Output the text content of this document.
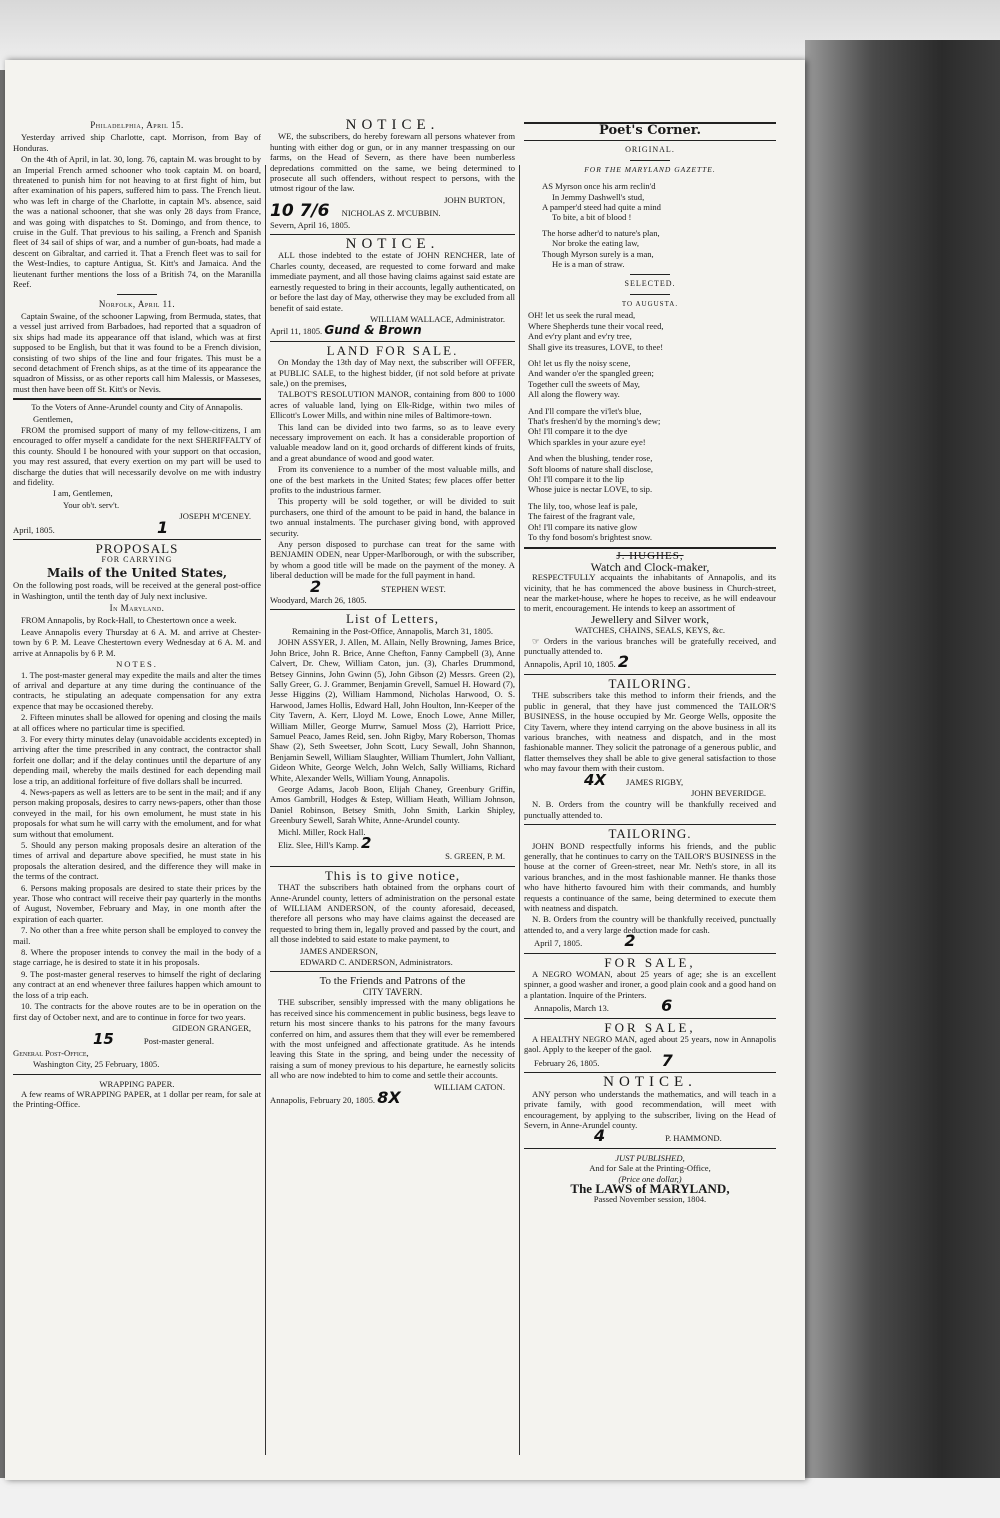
Philadelphia, April 15.

Yesterday arrived ship Charlotte, capt. Morrison, from Bay of Honduras.

On the 4th of April, in lat. 30, long. 76, captain M. was brought to by an Imperial French armed schooner who took captain M. on board, threatened to punish him for not heaving to at first fight of him, but after examination of his papers, suffered him to pass. The French lieut. who was left in charge of the Charlotte, in captain M's. absence, said the was a national schooner, that she was only 28 days from France, and was going with dispatches to St. Domingo, and from thence, to cruise in the Gulf. That previous to his sailing, a French and Spanish fleet of 34 sail of ships of war, and a number of gun-boats, had made a descent on Gibraltar, and carried it. That a French fleet was to sail for the West-Indies, to capture Antigua, St. Kitt's and Jamaica. And the lieutenant further mentions the loss of a British 74, on the Maranilla Reef.

Norfolk, April 11.

Captain Swaine, of the schooner Lapwing, from Bermuda, states, that a vessel just arrived from Barbadoes, had reported that a squadron of six ships had made its appearance off that island, which was at first supposed to be English, but that it was found to be a French division, consisting of two ships of the line and four frigates. This must be a second detachment of French ships, as at the time of its appearance the squadron of Mississ, or as other reports call him Malessis, or Masseses, must then have been off St. Kitt's or Nevis.

To the Voters of Anne-Arundel county and City of Annapolis.

Gentlemen,

FROM the promised support of many of my fellow-citizens, I am encouraged to offer myself a candidate for the next SHERIFFALTY of this county. Should I be honoured with your support on that occasion, you may rest assured, that every exertion on my part will be used to discharge the duties that will necessarily devolve on me with industry and fidelity.

I am, Gentlemen,

Your ob't. serv't.

JOSEPH M'CENEY.

April, 1805.	1

PROPOSALS
FOR CARRYING
Mails of the United States,

On the following post roads, will be received at the general post-office in Washington, until the tenth day of July next inclusive.

In Maryland.

FROM Annapolis, by Rock-Hall, to Chestertown once a week.

Leave Annapolis every Thursday at 6 A. M. and arrive at Chester-town by 6 P. M. Leave Chestertown every Wednesday at 6 A. M. and arrive at Annapolis by 6 P. M.

NOTES.

1. The post-master general may expedite the mails and alter the times of arrival and departure at any time during the continuance of the contracts, he stipulating an adequate compensation for any extra expence that may be occasioned thereby.

2. Fifteen minutes shall be allowed for opening and closing the mails at all offices where no particular time is specified.

3. For every thirty minutes delay (unavoidable accidents excepted) in arriving after the time prescribed in any contract, the contractor shall forfeit one dollar; and if the delay continues until the departure of any depending mail, whereby the mails destined for each depending mail lose a trip, an additional forfeiture of five dollars shall be incurred.

4. News-papers as well as letters are to be sent in the mail; and if any person making proposals, desires to carry news-papers, other than those conveyed in the mail, for his own emolument, he must state in his proposals for what sum he will carry with the emolument, and for what sum without that emolument.

5. Should any person making proposals desire an alteration of the times of arrival and departure above specified, he must state in his proposals the alteration desired, and the difference they will make in the terms of the contract.

6. Persons making proposals are desired to state their prices by the year. Those who contract will receive their pay quarterly in the months of August, November, February and May, in one month after the expiration of each quarter.

7. No other than a free white person shall be employed to convey the mail.

8. Where the proposer intends to convey the mail in the body of a stage carriage, he is desired to state it in his proposals.

9. The post-master general reserves to himself the right of declaring any contract at an end whenever three failures happen which amount to the loss of a trip each.

10. The contracts for the above routes are to be in operation on the first day of October next, and are to continue in force for two years.

GIDEON GRANGER,

15	Post-master general.

General Post-Office,

Washington City, 25 February, 1805.

WRAPPING PAPER.

A few reams of WRAPPING PAPER, at 1 dollar per ream, for sale at the Printing-Office.

NOTICE.

WE, the subscribers, do hereby forewarn all persons whatever from hunting with either dog or gun, or in any manner trespassing on our farms, on the Head of Severn, as there have been numberless depredations committed on the same, we being determined to prosecute all such offenders, without respect to persons, with the utmost rigour of the law.

JOHN BURTON,

10 7/6 NICHOLAS Z. M'CUBBIN.

Severn, April 16, 1805.

NOTICE.

ALL those indebted to the estate of JOHN RENCHER, late of Charles county, deceased, are requested to come forward and make immediate payment, and all those having claims against said estate are earnestly requested to bring in their accounts, legally authenticated, on or before the last day of May, otherwise they may be excluded from all benefit of said estate.

WILLIAM WALLACE, Administrator.

April 11, 1805. Gund & Brown

LAND FOR SALE.

On Monday the 13th day of May next, the subscriber will OFFER, at PUBLIC SALE, to the highest bidder, (if not sold before at private sale,) on the premises,

TALBOT'S RESOLUTION MANOR, containing from 800 to 1000 acres of valuable land, lying on Elk-Ridge, within two miles of Ellicott's Lower Mills, and within nine miles of Baltimore-town.

This land can be divided into two farms, so as to leave every necessary improvement on each. It has a considerable proportion of valuable meadow land on it, good orchards of different kinds of fruits, and a great abundance of wood and good water.

From its convenience to a number of the most valuable mills, and one of the best markets in the United States; few places offer better profits to the industrious farmer.

This property will be sold together, or will be divided to suit purchasers, one third of the amount to be paid in hand, the balance in two annual instalments. The purchaser giving bond, with approved security.

Any person disposed to purchase can treat for the same with BENJAMIN ODEN, near Upper-Marlborough, or with the subscriber, by whom a good title will be made on the payment of the money. A liberal deduction will be made for the full payment in hand.

2	STEPHEN WEST.

Woodyard, March 26, 1805.

List of Letters,

Remaining in the Post-Office, Annapolis, March 31, 1805.

JOHN ASSYER, J. Allen, M. Allain, Nelly Browning, James Brice, John Brice, John R. Brice, Anne Chefton, Fanny Campbell (3), Anne Calvert, Dr. Chew, William Caton, jun. (3), Charles Drummond, Betsey Ginnins, John Gwinn (5), John Gibson (2) Messrs. Green (2), Sally Greer, G. J. Grammer, Benjamin Grevell, Samuel H. Howard (7), Jesse Higgins (2), William Hammond, Nicholas Harwood, O. S. Harwood, James Hollis, Edward Hall, John Houlton, Inn-Keeper of the City Tavern, A. Kerr, Lloyd M. Lowe, Enoch Lowe, Anne Miller, William Miller, George Murrw, Samuel Moss (2), Harriott Price, Samuel Peaco, James Reid, sen. John Rigby, Mary Roberson, Thomas Shaw (2), Seth Sweetser, John Scott, Lucy Sewall, John Shannon, Benjamin Sewell, William Slaughter, William Thumlert, John Valliant, Gideon White, George Welch, John Welch, Sally Williams, Richard White, Alexander Wells, William Young, Annapolis.

George Adams, Jacob Boon, Elijah Chaney, Greenbury Griffin, Amos Gambrill, Hodges & Estep, William Heath, William Johnson, Daniel Robinson, Betsey Smith, John Smith, Larkin Shipley, Greenbury Sewell, Sarah White, Anne-Arundel county.

Michl. Miller, Rock Hall.

Eliz. Slee, Hill's Kamp. 2

S. GREEN, P. M.

This is to give notice,

THAT the subscribers hath obtained from the orphans court of Anne-Arundel county, letters of administration on the personal estate of WILLIAM ANDERSON, of the county aforesaid, deceased, therefore all persons who may have claims against the deceased are requested to bring them in, legally proved and passed by the court, and all those indebted to said estate to make payment, to

JAMES ANDERSON,

EDWARD C. ANDERSON, Administrators.

To the Friends and Patrons of the
CITY TAVERN.

THE subscriber, sensibly impressed with the many obligations he has received since his commencement in public business, begs leave to return his most sincere thanks to his patrons for the many favours conferred on him, and assures them that they will ever be remembered with the most unfeigned and affectionate gratitude. As he intends leaving this State in the spring, and being under the necessity of raising a sum of money previous to his departure, he earnestly solicits all who are now indebted to him to come and settle their accounts.

WILLIAM CATON.

Annapolis, February 20, 1805. 8X

Poet's Corner.
ORIGINAL.
FOR THE MARYLAND GAZETTE.
AS Myrson once his arm reclin'd
In Jemmy Dashwell's stud,
A pamper'd steed had quite a mind
To bite, a bit of blood !
The horse adher'd to nature's plan,
Nor broke the eating law,
Though Myrson surely is a man,
He is a man of straw.
SELECTED.
TO AUGUSTA.
OH! let us seek the rural mead,
Where Shepherds tune their vocal reed,
And ev'ry plant and ev'ry tree,
Shall give its treasures, LOVE, to thee!
Oh! let us fly the noisy scene,
And wander o'er the spangled green;
Together cull the sweets of May,
All along the flowery way.
And I'll compare the vi'let's blue,
That's freshen'd by the morning's dew;
Oh! I'll compare it to the dye
Which sparkles in your azure eye!
And when the blushing, tender rose,
Soft blooms of nature shall disclose,
Oh! I'll compare it to the lip
Whose juice is nectar LOVE, to sip.
The lily, too, whose leaf is pale,
The fairest of the fragrant vale,
Oh! I'll compare its native glow
To thy fond bosom's brightest snow.
J. HUGHES,
Watch and Clock-maker,

RESPECTFULLY acquaints the inhabitants of Annapolis, and its vicinity, that he has commenced the above business in Church-street, near the market-house, where he hopes to receive, as he will endeavour to merit, encouragement. He intends to keep an assortment of

Jewellery and Silver work,
WATCHES, CHAINS, SEALS, KEYS, &c.

☞ Orders in the various branches will be gratefully received, and punctually attended to.

Annapolis, April 10, 1805. 2

TAILORING.

THE subscribers take this method to inform their friends, and the public in general, that they have just commenced the TAILOR'S BUSINESS, in the house occupied by Mr. George Wells, opposite the City Tavern, where they intend carrying on the above business in all its various branches, with neatness and dispatch, and in the most fashionable manner. They solicit the patronage of a generous public, and flatter themselves they shall be able to give general satisfaction to those who may favour them with their custom.

4X JAMES RIGBY,

JOHN BEVERIDGE.

N. B. Orders from the country will be thankfully received and punctually attended to.

TAILORING.

JOHN BOND respectfully informs his friends, and the public generally, that he continues to carry on the TAILOR'S BUSINESS in the house at the corner of Green-street, near Mr. Neth's store, in all its various branches, and in the most fashionable manner. He thanks those who have hitherto favoured him with their commands, and humbly requests a continuance of the same, being determined to execute them with neatness and dispatch.

N. B. Orders from the country will be thankfully received, punctually attended to, and a very large deduction made for cash.

April 7, 1805.	2

FOR SALE,

A NEGRO WOMAN, about 25 years of age; she is an excellent spinner, a good washer and ironer, a good plain cook and a good hand on a plantation. Inquire of the Printers.

Annapolis, March 13.	6

FOR SALE,

A HEALTHY NEGRO MAN, aged about 25 years, now in Annapolis gaol. Apply to the keeper of the gaol.

February 26, 1805.	7

NOTICE.

ANY person who understands the mathematics, and will teach in a private family, with good recommendation, will meet with encouragement, by applying to the subscriber, living on the Head of Severn, in Anne-Arundel county.

4	P. HAMMOND.

JUST PUBLISHED,
And for Sale at the Printing-Office,
(Price one dollar,)
The LAWS of MARYLAND,
Passed November session, 1804.
